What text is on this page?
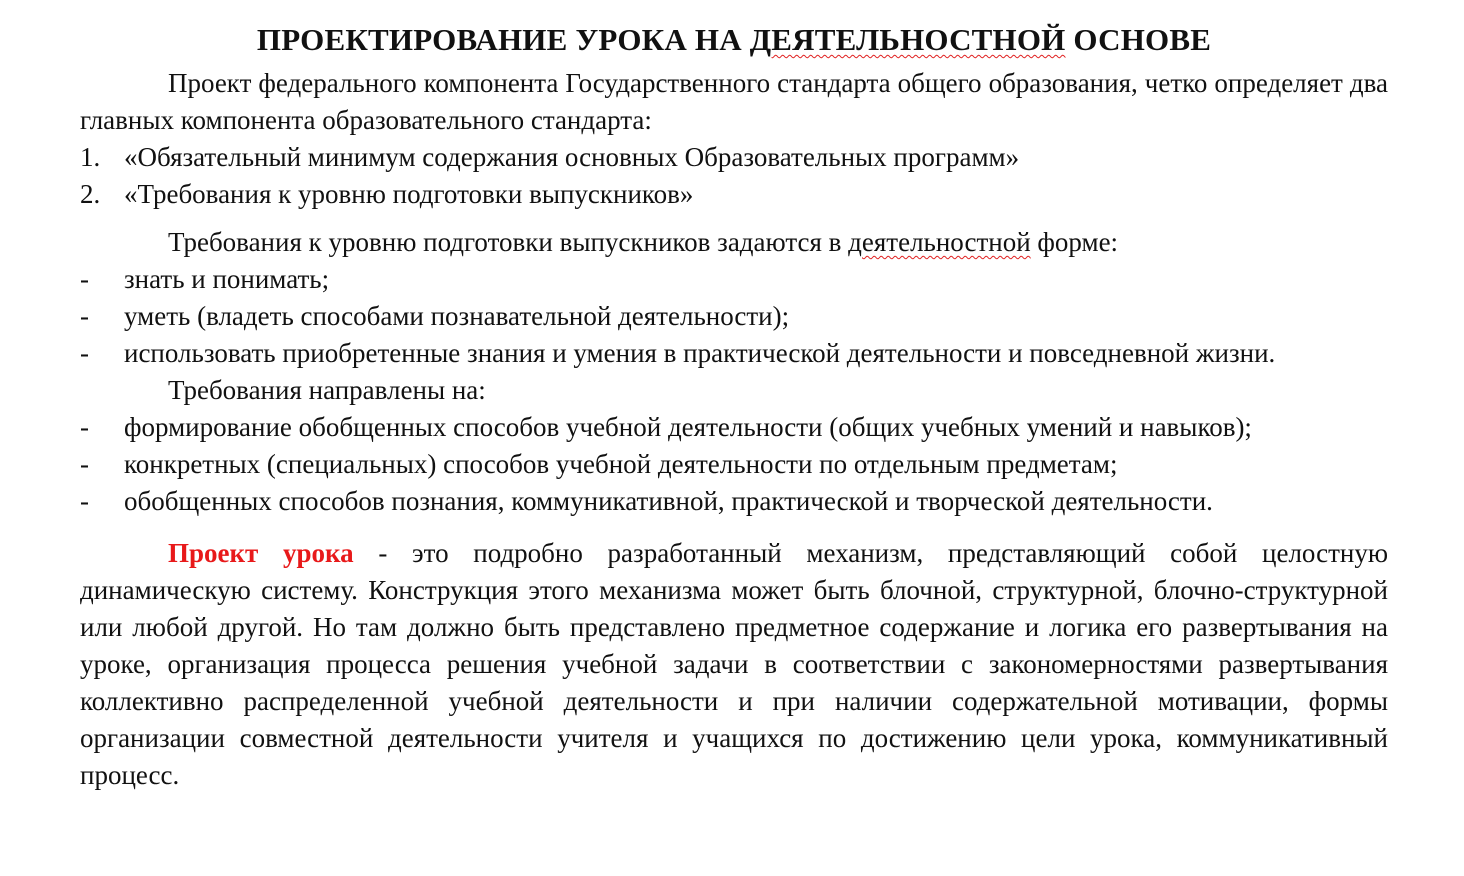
ПРОЕКТИРОВАНИЕ УРОКА НА ДЕЯТЕЛЬНОСТНОЙ ОСНОВЕ

Проект федерального компонента Государственного стандарта общего образования, четко определяет два главных компонента образовательного стандарта:

1. «Обязательный минимум содержания основных Образовательных программ»
2. «Требования к уровню подготовки выпускников»

Требования к уровню подготовки выпускников задаются в деятельностной форме:

- знать и понимать;
- уметь (владеть способами познавательной деятельности);
- использовать приобретенные знания и умения в практической деятельности и повседневной жизни.

Требования направлены на:

- формирование обобщенных способов учебной деятельности (общих учебных умений и навыков);
- конкретных (специальных) способов учебной деятельности по отдельным предметам;
- обобщенных способов познания, коммуникативной, практической и творческой деятельности.

Проект урока - это подробно разработанный механизм, представляющий собой целостную динамическую систему. Конструкция этого механизма может быть блочной, структурной, блочно-структурной или любой другой. Но там должно быть представлено предметное содержание и логика его развертывания на уроке, организация процесса решения учебной задачи в соответствии с закономерностями развертывания коллективно распределенной учебной деятельности и при наличии содержательной мотивации, формы организации совместной деятельности учителя и учащихся по достижению цели урока, коммуникативный процесс.
